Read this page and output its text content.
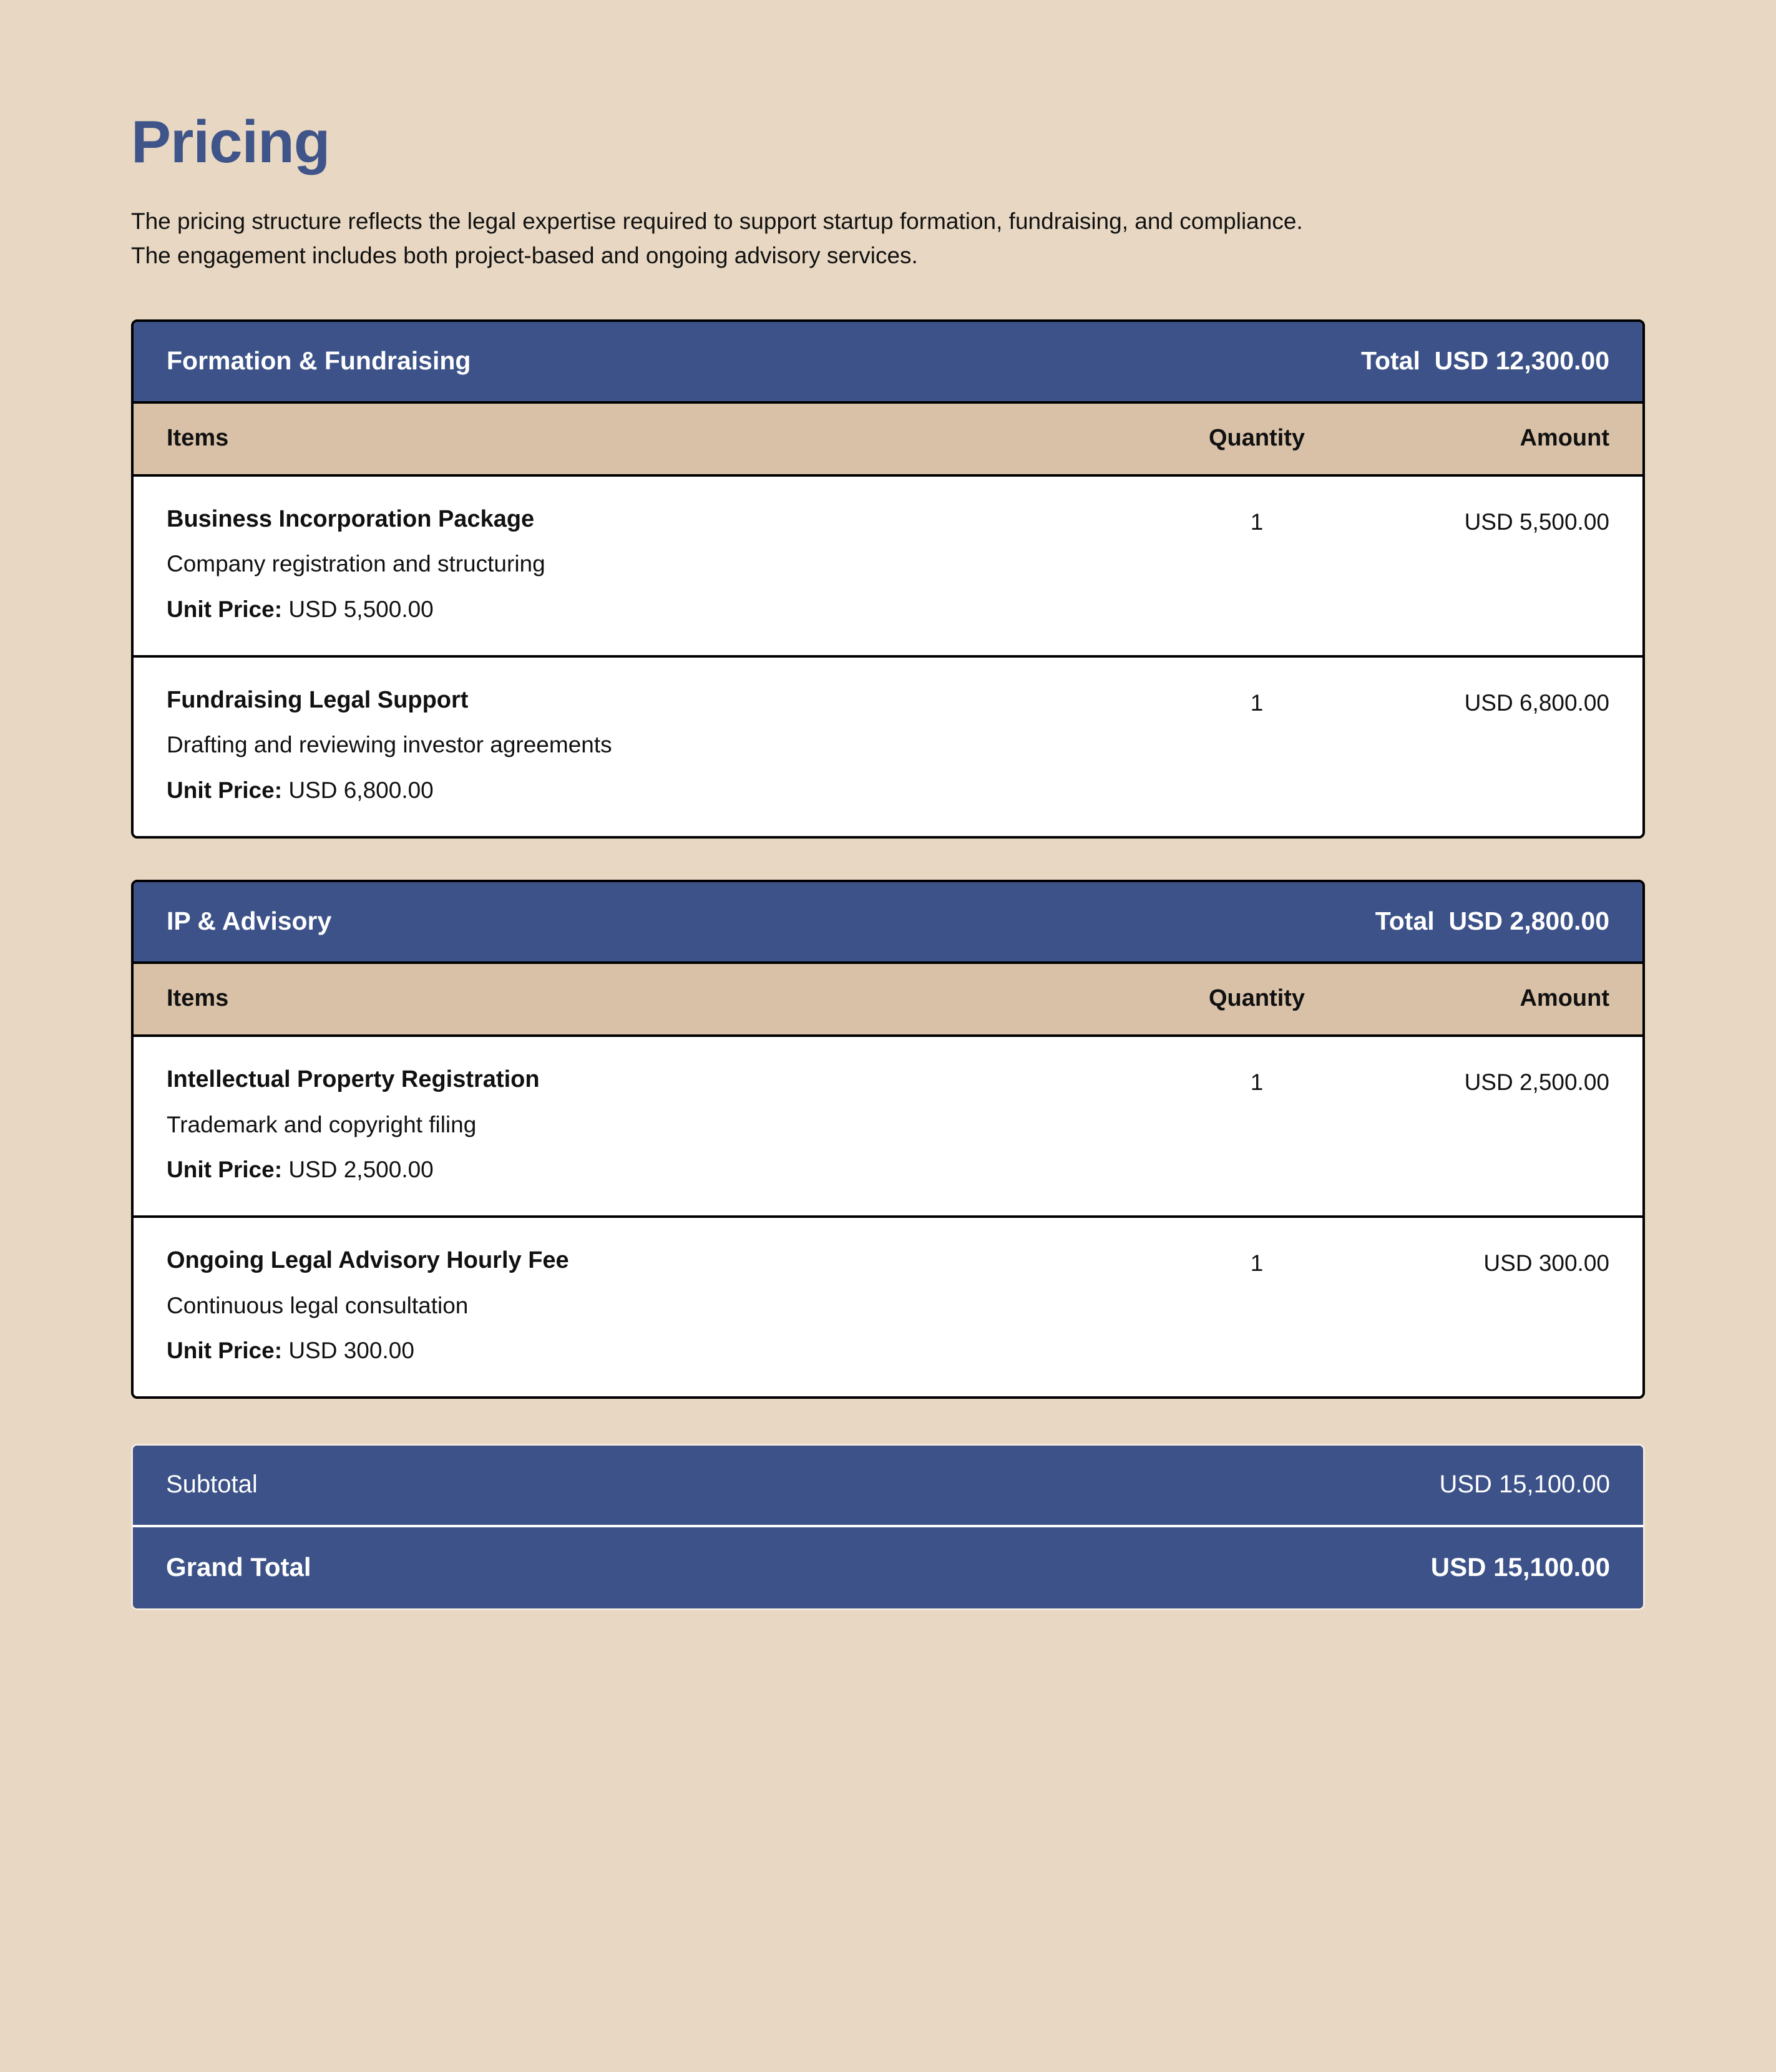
Pricing
The pricing structure reflects the legal expertise required to support startup formation, fundraising, and compliance.
The engagement includes both project-based and ongoing advisory services.
Formation & Fundraising	Total  USD 12,300.00
Items	Quantity	Amount
Business Incorporation Package
Company registration and structuring
Unit Price: USD 5,500.00
1	USD 5,500.00
Fundraising Legal Support
Drafting and reviewing investor agreements
Unit Price: USD 6,800.00
1	USD 6,800.00
IP & Advisory	Total  USD 2,800.00
Items	Quantity	Amount
Intellectual Property Registration
Trademark and copyright filing
Unit Price: USD 2,500.00
1	USD 2,500.00
Ongoing Legal Advisory Hourly Fee
Continuous legal consultation
Unit Price: USD 300.00
1	USD 300.00
Subtotal	USD 15,100.00
Grand Total	USD 15,100.00
